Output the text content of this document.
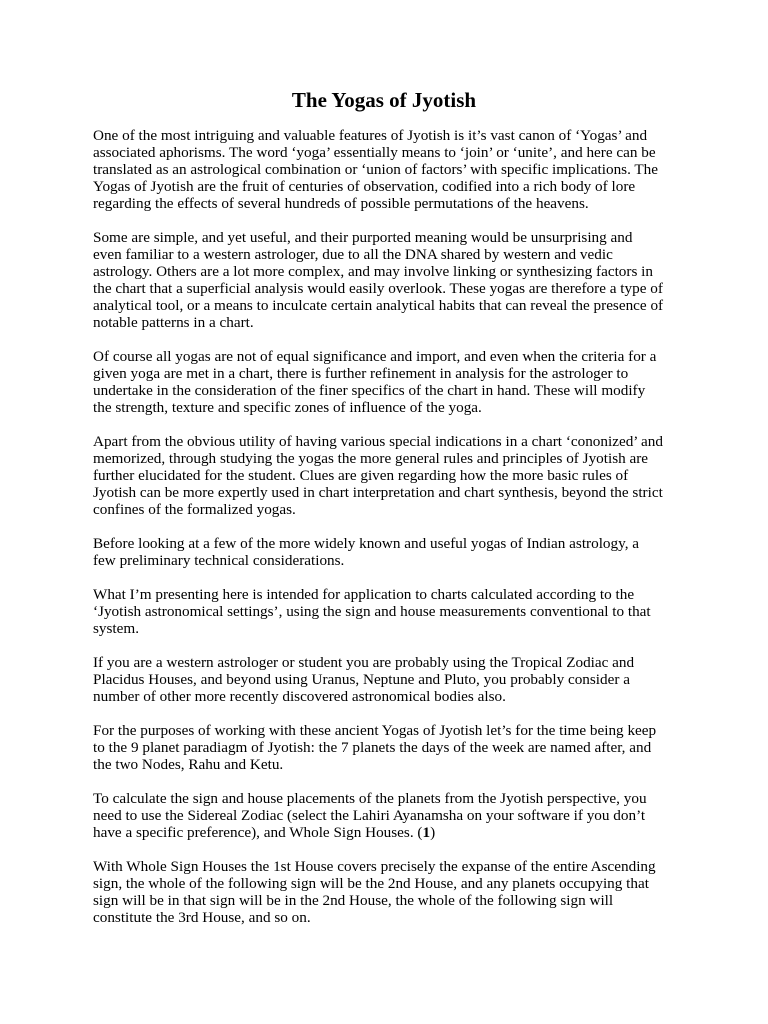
The Yogas of Jyotish

One of the most intriguing and valuable features of Jyotish is it’s vast canon of ‘Yogas’ and
associated aphorisms. The word ‘yoga’ essentially means to ‘join’ or ‘unite’, and here can be
translated as an astrological combination or ‘union of factors’ with specific implications. The
Yogas of Jyotish are the fruit of centuries of observation, codified into a rich body of lore
regarding the effects of several hundreds of possible permutations of the heavens.

Some are simple, and yet useful, and their purported meaning would be unsurprising and
even familiar to a western astrologer, due to all the DNA shared by western and vedic
astrology. Others are a lot more complex, and may involve linking or synthesizing factors in
the chart that a superficial analysis would easily overlook. These yogas are therefore a type of
analytical tool, or a means to inculcate certain analytical habits that can reveal the presence of
notable patterns in a chart.

Of course all yogas are not of equal significance and import, and even when the criteria for a
given yoga are met in a chart, there is further refinement in analysis for the astrologer to
undertake in the consideration of the finer specifics of the chart in hand. These will modify
the strength, texture and specific zones of influence of the yoga.

Apart from the obvious utility of having various special indications in a chart ‘cononized’ and
memorized, through studying the yogas the more general rules and principles of Jyotish are
further elucidated for the student. Clues are given regarding how the more basic rules of
Jyotish can be more expertly used in chart interpretation and chart synthesis, beyond the strict
confines of the formalized yogas.

Before looking at a few of the more widely known and useful yogas of Indian astrology, a
few preliminary technical considerations.

What I’m presenting here is intended for application to charts calculated according to the
‘Jyotish astronomical settings’, using the sign and house measurements conventional to that
system.

If you are a western astrologer or student you are probably using the Tropical Zodiac and
Placidus Houses, and beyond using Uranus, Neptune and Pluto, you probably consider a
number of other more recently discovered astronomical bodies also.

For the purposes of working with these ancient Yogas of Jyotish let’s for the time being keep
to the 9 planet paradiagm of Jyotish: the 7 planets the days of the week are named after, and
the two Nodes, Rahu and Ketu.

To calculate the sign and house placements of the planets from the Jyotish perspective, you
need to use the Sidereal Zodiac (select the Lahiri Ayanamsha on your software if you don’t
have a specific preference), and Whole Sign Houses. (1)

With Whole Sign Houses the 1st House covers precisely the expanse of the entire Ascending
sign, the whole of the following sign will be the 2nd House, and any planets occupying that
sign will be in that sign will be in the 2nd House, the whole of the following sign will
constitute the 3rd House, and so on.
